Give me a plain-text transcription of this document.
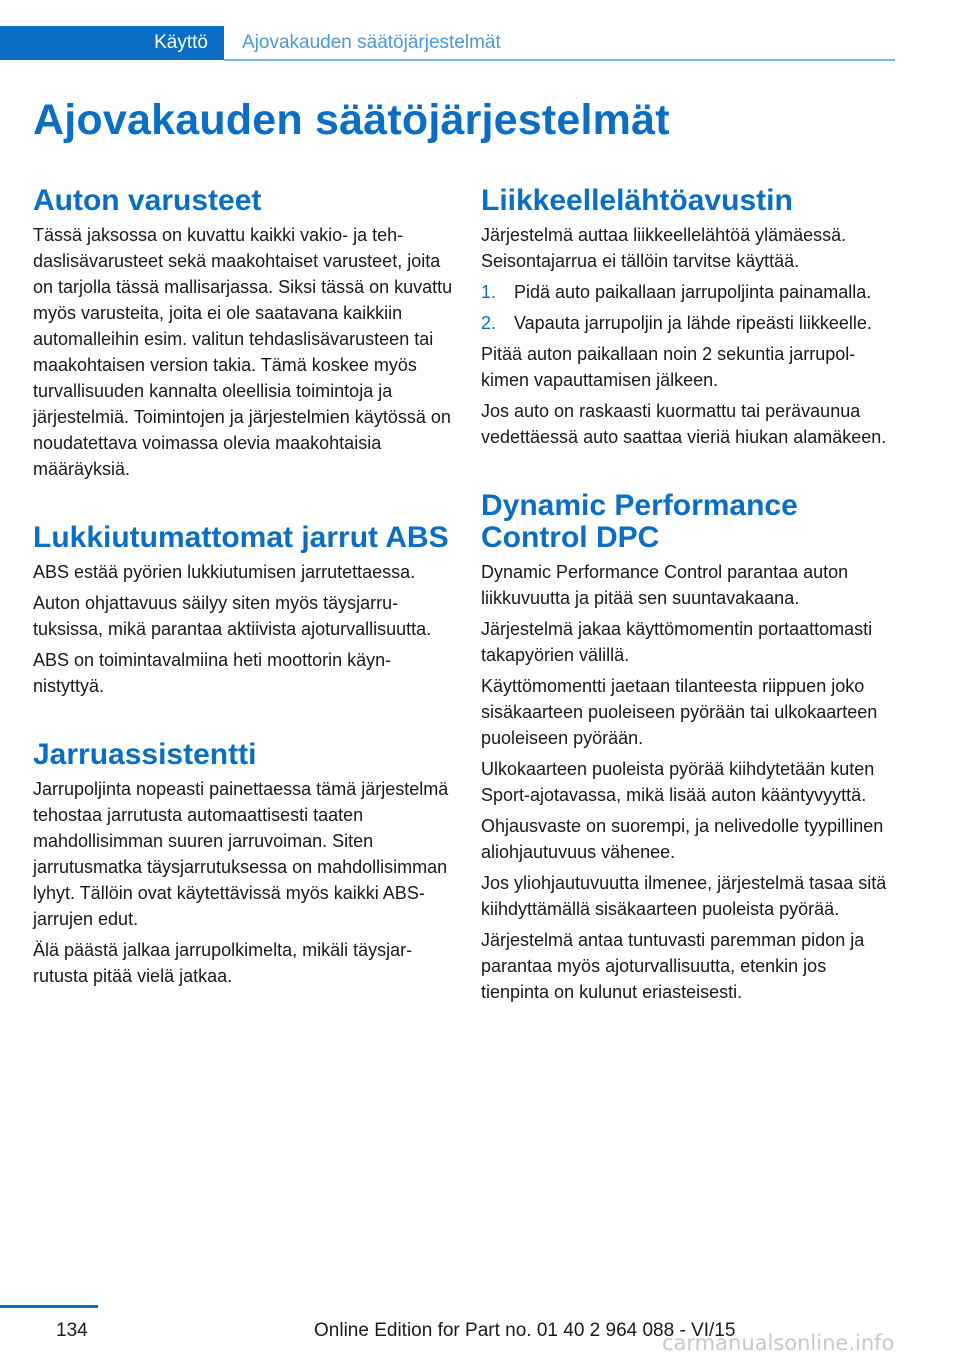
Käyttö	Ajovakauden säätöjärjestelmät
Ajovakauden säätöjärjestelmät
Auton varusteet

Tässä jaksossa on kuvattu kaikki vakio- ja tehdaslisävarusteet sekä maakohtaiset varusteet, joita on tarjolla tässä mallisarjassa. Siksi tässä on kuvattu myös varusteita, joita ei ole saatavana kaikkiin automalleihin esim. valitun tehdaslisävarusteen tai maakohtaisen version takia. Tämä koskee myös turvallisuuden kannalta oleellisia toimintoja ja järjestelmiä. Toimintojen ja järjestelmien käytössä on noudatettava voimassa olevia maakohtaisia määräyksiä.

Lukkiutumattomat jarrut ABS

ABS estää pyörien lukkiutumisen jarrutettaessa.

Auton ohjattavuus säilyy siten myös täysjarrutuksissa, mikä parantaa aktiivista ajoturvallisuutta.

ABS on toimintavalmiina heti moottorin käynnistyttyä.

Jarruassistentti

Jarrupoljinta nopeasti painettaessa tämä järjestelmä tehostaa jarrutusta automaattisesti taaten mahdollisimman suuren jarruvoiman. Siten jarrutusmatka täysjarrutuksessa on mahdollisimman lyhyt. Tällöin ovat käytettävissä myös kaikki ABS-jarrujen edut.

Älä päästä jalkaa jarrupolkimelta, mikäli täysjarrutusta pitää vielä jatkaa.

Liikkeellelähtöavustin

Järjestelmä auttaa liikkeellelähtöä ylämäessä. Seisontajarrua ei tällöin tarvitse käyttää.

1. Pidä auto paikallaan jarrupoljinta painamalla.
2. Vapauta jarrupoljin ja lähde ripeästi liikkeelle.

Pitää auton paikallaan noin 2 sekuntia jarrupolkimen vapauttamisen jälkeen.

Jos auto on raskaasti kuormattu tai perävaunua vedettäessä auto saattaa vieriä hiukan alamäkeen.

Dynamic Performance Control DPC

Dynamic Performance Control parantaa auton liikkuvuutta ja pitää sen suuntavakaana.

Järjestelmä jakaa käyttömomentin portaattomasti takapyörien välillä.

Käyttömomentti jaetaan tilanteesta riippuen joko sisäkaarteen puoleiseen pyörään tai ulkokaarteen puoleiseen pyörään.

Ulkokaarteen puoleista pyörää kiihdytetään kuten Sport-ajotavassa, mikä lisää auton kääntyvyyttä.

Ohjausvaste on suorempi, ja nelivedolle tyypillinen aliohjautuvuus vähenee.

Jos yliohjautuvuutta ilmenee, järjestelmä tasaa sitä kiihdyttämällä sisäkaarteen puoleista pyörää.

Järjestelmä antaa tuntuvasti paremman pidon ja parantaa myös ajoturvallisuutta, etenkin jos tienpinta on kulunut eriasteisesti.

134	Online Edition for Part no. 01 40 2 964 088 - VI/15
carmanualsonline.info
